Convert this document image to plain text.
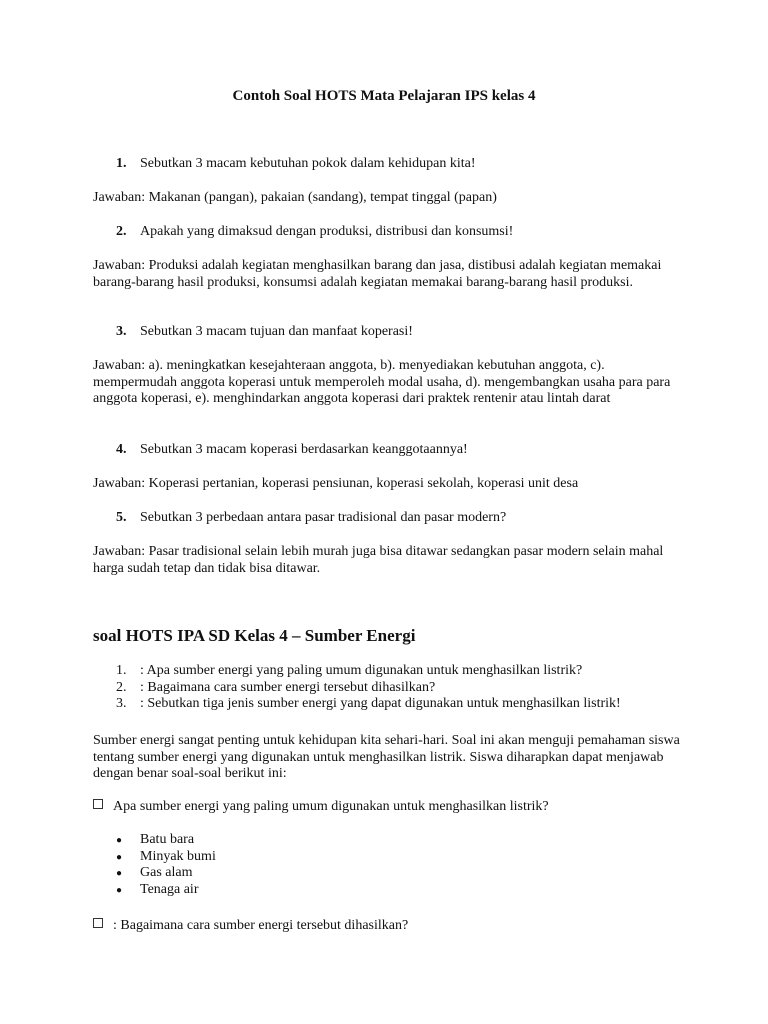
Contoh Soal HOTS Mata Pelajaran IPS kelas 4
1. Sebutkan 3 macam kebutuhan pokok dalam kehidupan kita!
Jawaban: Makanan (pangan), pakaian (sandang), tempat tinggal (papan)
2. Apakah yang dimaksud dengan produksi, distribusi dan konsumsi!
Jawaban: Produksi adalah kegiatan menghasilkan barang dan jasa, distibusi adalah kegiatan memakai barang-barang hasil produksi, konsumsi adalah kegiatan memakai barang-barang hasil produksi.
3. Sebutkan 3 macam tujuan dan manfaat koperasi!
Jawaban: a). meningkatkan kesejahteraan anggota, b). menyediakan kebutuhan anggota, c). mempermudah anggota koperasi untuk memperoleh modal usaha, d). mengembangkan usaha para para anggota koperasi, e). menghindarkan anggota koperasi dari praktek rentenir atau lintah darat
4. Sebutkan 3 macam koperasi berdasarkan keanggotaannya!
Jawaban: Koperasi pertanian, koperasi pensiunan, koperasi sekolah, koperasi unit desa
5. Sebutkan 3 perbedaan antara pasar tradisional dan pasar modern?
Jawaban: Pasar tradisional selain lebih murah juga bisa ditawar sedangkan pasar modern selain mahal harga sudah tetap dan tidak bisa ditawar.
soal HOTS IPA SD Kelas 4 – Sumber Energi
1. : Apa sumber energi yang paling umum digunakan untuk menghasilkan listrik?
2. : Bagaimana cara sumber energi tersebut dihasilkan?
3. : Sebutkan tiga jenis sumber energi yang dapat digunakan untuk menghasilkan listrik!
Sumber energi sangat penting untuk kehidupan kita sehari-hari. Soal ini akan menguji pemahaman siswa tentang sumber energi yang digunakan untuk menghasilkan listrik. Siswa diharapkan dapat menjawab dengan benar soal-soal berikut ini:
Apa sumber energi yang paling umum digunakan untuk menghasilkan listrik?
● Batu bara
● Minyak bumi
● Gas alam
● Tenaga air
: Bagaimana cara sumber energi tersebut dihasilkan?
